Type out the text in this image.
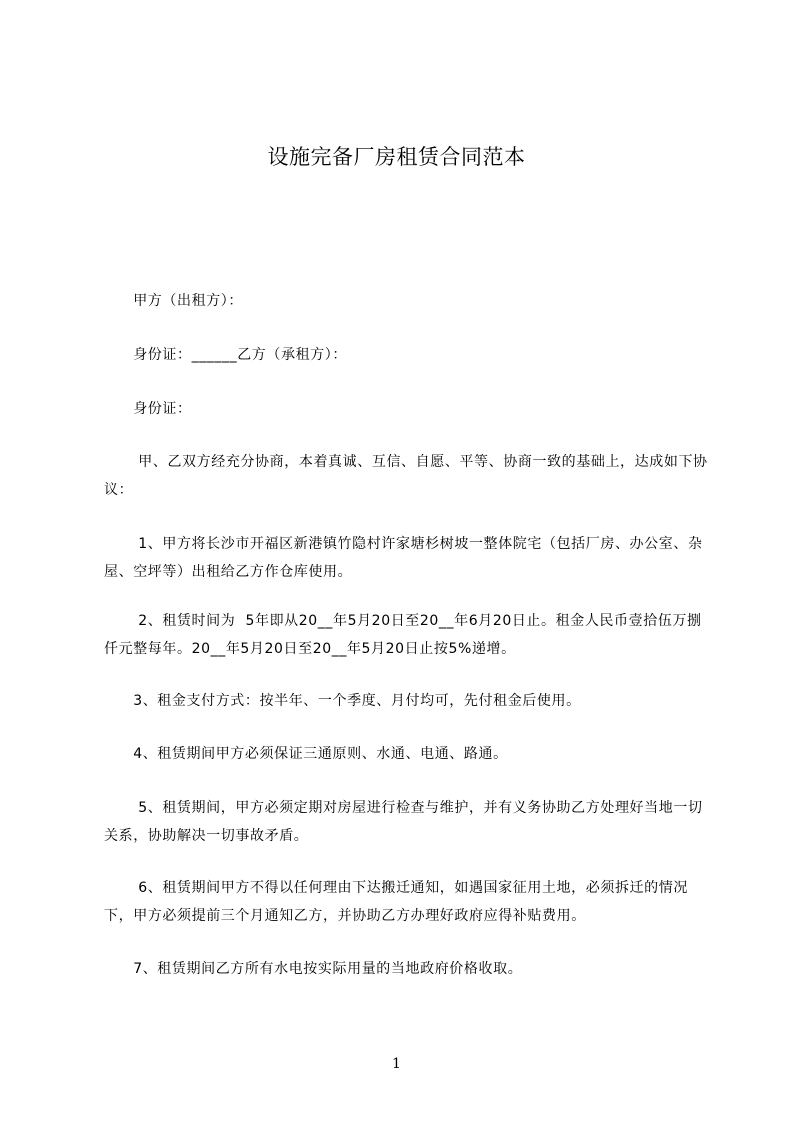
设施完备厂房租赁合同范本
　　甲方（出租方）：
　　身份证：______乙方（承租方）：
　　身份证：
　　 甲、乙双方经充分协商，本着真诚、互信、自愿、平等、协商一致的基础上，达成如下协议：
　　 1、甲方将长沙市开福区新港镇竹隐村许家塘杉树坡一整体院宅（包括厂房、办公室、杂屋、空坪等）出租给乙方作仓库使用。
　　 2、租赁时间为  5年即从20__年5月20日至20__年6月20日止。租金人民币壹拾伍万捌仟元整每年。20__年5月20日至20__年5月20日止按5%递增。
　　3、租金支付方式：按半年、一个季度、月付均可，先付租金后使用。
　　4、租赁期间甲方必须保证三通原则、水通、电通、路通。
　　 5、租赁期间，甲方必须定期对房屋进行检查与维护，并有义务协助乙方处理好当地一切关系，协助解决一切事故矛盾。
　　 6、租赁期间甲方不得以任何理由下达搬迁通知，如遇国家征用土地，必须拆迁的情况下，甲方必须提前三个月通知乙方，并协助乙方办理好政府应得补贴费用。
　　7、租赁期间乙方所有水电按实际用量的当地政府价格收取。
1
